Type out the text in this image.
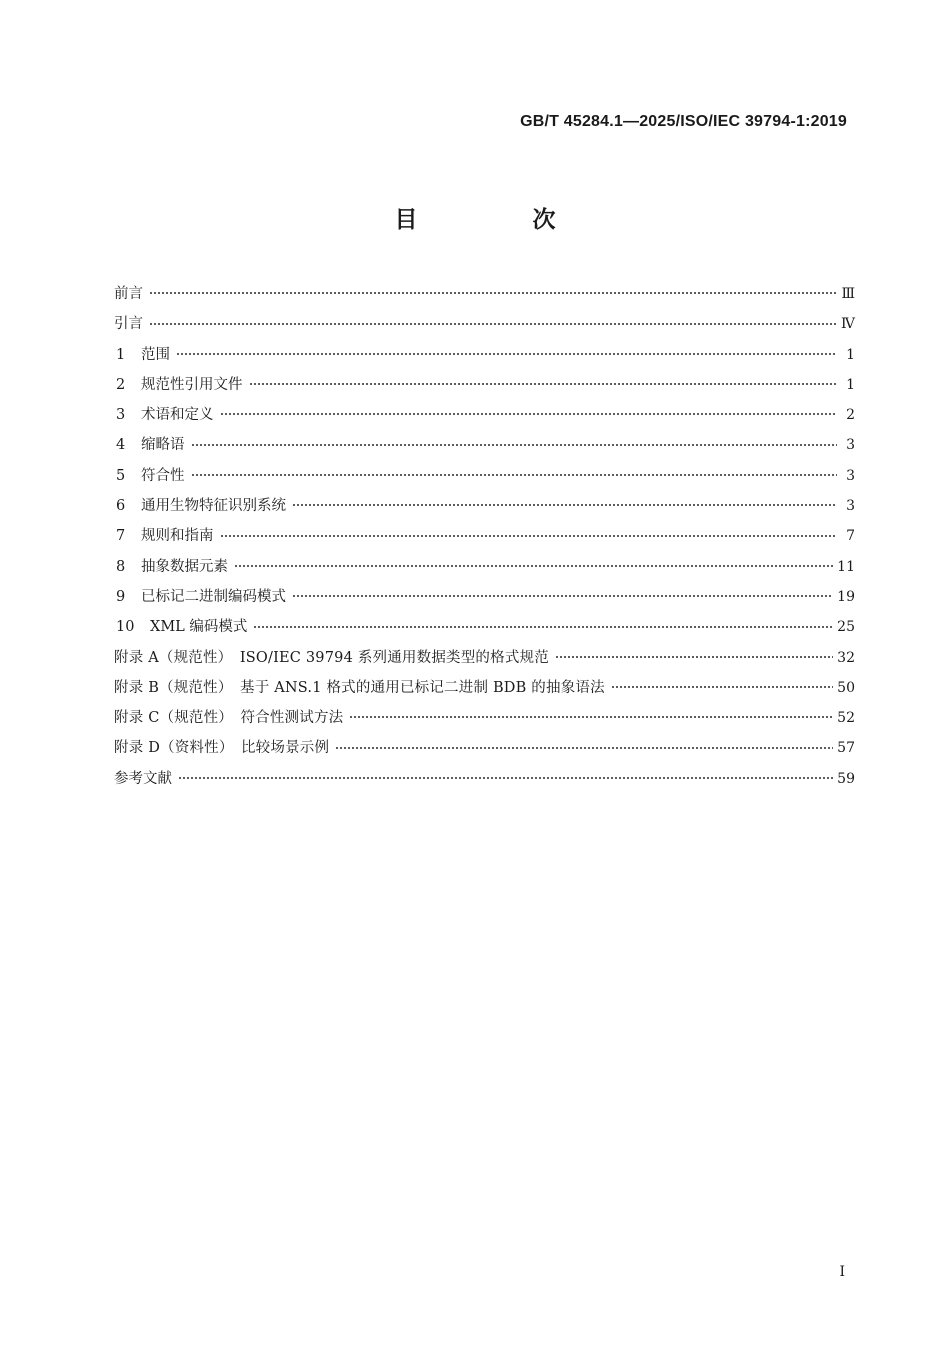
GB/T 45284.1—2025/ISO/IEC 39794-1:2019
目　次
前言	Ⅲ
引言	Ⅳ
1	范围	1
2	规范性引用文件	1
3	术语和定义	2
4	缩略语	3
5	符合性	3
6	通用生物特征识别系统	3
7	规则和指南	7
8	抽象数据元素	11
9	已标记二进制编码模式	19
10	XML 编码模式	25
附录 A（规范性）　ISO/IEC 39794 系列通用数据类型的格式规范	32
附录 B（规范性）　基于 ANS.1 格式的通用已标记二进制 BDB 的抽象语法	50
附录 C（规范性）　符合性测试方法	52
附录 D（资料性）　比较场景示例	57
参考文献	59
I
